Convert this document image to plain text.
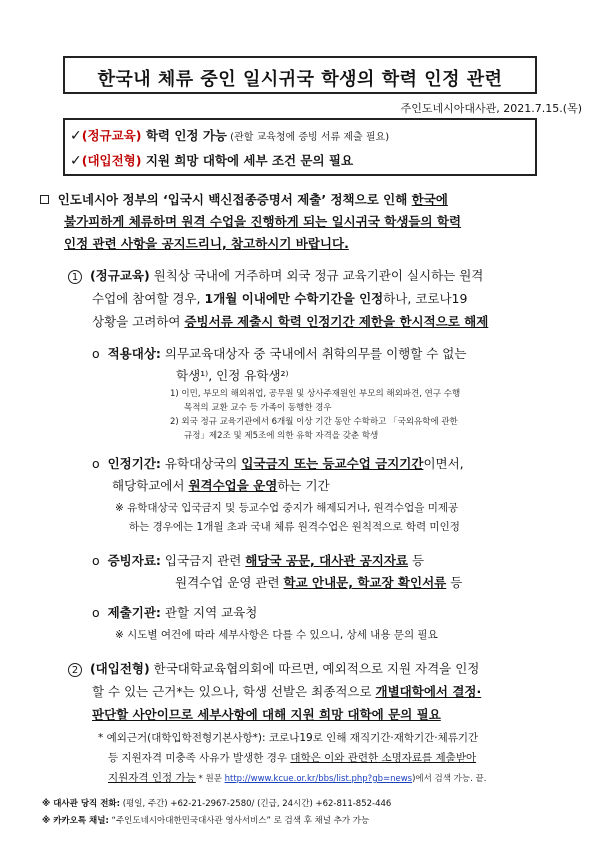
한국내 체류 중인 일시귀국 학생의 학력 인정 관련
주인도네시아대사관, 2021.7.15.(목)
✓(정규교육) 학력 인정 가능 (관할 교육청에 증빙 서류 제출 필요)
✓(대입전형) 지원 희망 대학에 세부 조건 문의 필요
인도네시아 정부의 ‘입국시 백신접종증명서 제출’ 정책으로 인해 한국에
불가피하게 체류하며 원격 수업을 진행하게 되는 일시귀국 학생들의 학력
인정 관련 사항을 공지드리니, 참고하시기 바랍니다.
1 (정규교육) 원칙상 국내에 거주하며 외국 정규 교육기관이 실시하는 원격
수업에 참여할 경우, 1개월 이내에만 수학기간을 인정하나, 코로나19
상황을 고려하여 증빙서류 제출시 학력 인정기간 제한을 한시적으로 해제
o 적용대상: 의무교육대상자 중 국내에서 취학의무를 이행할 수 없는
학생¹⁾, 인정 유학생²⁾
1) 이민, 부모의 해외취업, 공무원 및 상사주재원인 부모의 해외파견, 연구 수행
목적의 교환 교수 등 가족이 동행한 경우
2) 외국 정규 교육기관에서 6개월 이상 기간 동안 수학하고 「국외유학에 관한
규정」제2조 및 제5조에 의한 유학 자격을 갖춘 학생
o 인정기간: 유학대상국의 입국금지 또는 등교수업 금지기간이면서,
해당학교에서 원격수업을 운영하는 기간
※ 유학대상국 입국금지 및 등교수업 중지가 해제되거나, 원격수업을 미제공
하는 경우에는 1개월 초과 국내 체류 원격수업은 원칙적으로 학력 미인정
o 증빙자료: 입국금지 관련 해당국 공문, 대사관 공지자료 등
원격수업 운영 관련 학교 안내문, 학교장 확인서류 등
o 제출기관: 관할 지역 교육청
※ 시도별 여건에 따라 세부사항은 다를 수 있으니, 상세 내용 문의 필요
2 (대입전형) 한국대학교육협의회에 따르면, 예외적으로 지원 자격을 인정
할 수 있는 근거*는 있으나, 학생 선발은 최종적으로 개별대학에서 결정·
판단할 사안이므로 세부사항에 대해 지원 희망 대학에 문의 필요
* 예외근거(대학입학전형기본사항*): 코로나19로 인해 재직기간·재학기간·체류기간
등 지원자격 미충족 사유가 발생한 경우 대학은 이와 관련한 소명자료를 제출받아
지원자격 인정 가능 * 원문 http://www.kcue.or.kr/bbs/list.php?gb=news)에서 검색 가능. 끝.
※ 대사관 당직 전화: (평일, 주간) +62-21-2967-2580/ (긴급, 24시간) +62-811-852-446
※ 카카오톡 채널: “주인도네시아대한민국대사관 영사서비스” 로 검색 후 채널 추가 가능
